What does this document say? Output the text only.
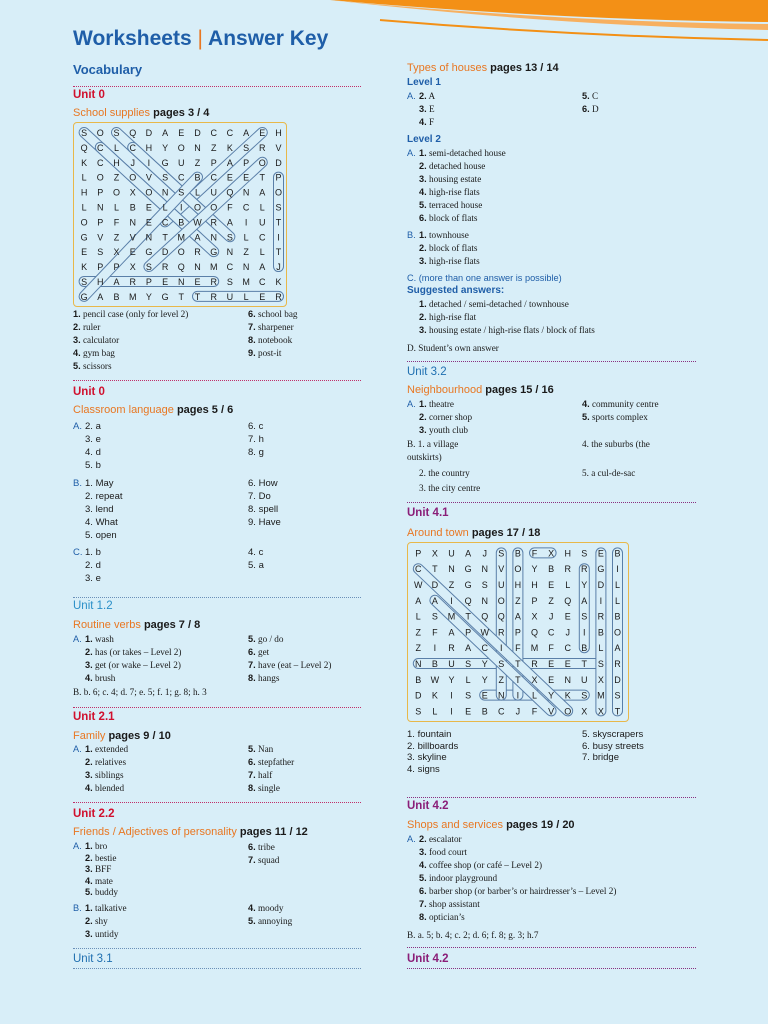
Worksheets | Answer Key
Vocabulary
Unit 0
School supplies pages 3 / 4
S O S Q D A E D C C A E H
Q C L C H Y O N Z K S R V
K C H J I G U Z P A P O D
L O Z O V S C B C E E T P
H P O X O N S L U Q N A O
L N L B E L I O O F C L S
O P F N E C B W R A I U T
G V Z V N T M A N S L C I
E S X E G D O R G N Z L T
K P P X S R Q N M C N A J
S H A R P E N E R S M C K
G A B M Y G T T R U L E R
1. pencil case (only for level 2)
2. ruler
3. calculator
4. gym bag
5. scissors
6. school bag
7. sharpener
8. notebook
9. post-it
Unit 0
Classroom language pages 5 / 6
A. 2. a
3. e
4. d
5. b
6. c
7. h
8. g
B. 1. May
2. repeat
3. lend
4. What
5. open
6. How
7. Do
8. spell
9. Have
C. 1. b
2. d
3. e
4. c
5. a
Unit 1.2
Routine verbs pages 7 / 8
A. 1. wash
2. has (or takes – Level 2)
3. get (or wake – Level 2)
4. brush
5. go / do
6. get
7. have (eat – Level 2)
8. hangs
B. b. 6; c. 4; d. 7; e. 5; f. 1; g. 8; h. 3
Unit 2.1
Family pages 9 / 10
A. 1. extended
2. relatives
3. siblings
4. blended
5. Nan
6. stepfather
7. half
8. single
Unit 2.2
Friends / Adjectives of personality pages 11 / 12
A. 1. bro
2. bestie
3. BFF
4. mate
5. buddy
6. tribe
7. squad
B. 1. talkative
2. shy
3. untidy
4. moody
5. annoying
Unit 3.1
Types of houses pages 13 / 14
Level 1
A. 2. A
3. E
4. F
5. C
6. D
Level 2
A. 1. semi-detached house
2. detached house
3. housing estate
4. high-rise flats
5. terraced house
6. block of flats
B. 1. townhouse
2. block of flats
3. high-rise flats
C. (more than one answer is possible)
Suggested answers:
1. detached / semi-detached / townhouse
2. high-rise flat
3. housing estate / high-rise flats / block of flats
D. Student’s own answer
Unit 3.2
Neighbourhood pages 15 / 16
A. 1. theatre
2. corner shop
3. youth club
4. community centre
5. sports complex
B. 1. a village	4. the suburbs (the
outskirts)
2. the country	5. a cul-de-sac
3. the city centre
Unit 4.1
Around town pages 17 / 18
P X U A J S B F X H S E B
C T N G N V O Y B R R G I
W D Z G S U H H E L Y D L
A A I Q N O Z P Z Q A I L
L S M T Q Q A X J E S R B
Z F A P W R P Q C J I B O
Z I R A C I F M F C B L A
N B U S Y S T R E E T S R
B W Y L Y Z T X E N U X D
D K I S E N I L Y K S M S
S L I E B C J F V O X X T
1. fountain
2. billboards
3. skyline
4. signs
5. skyscrapers
6. busy streets
7. bridge
Unit 4.2
Shops and services pages 19 / 20
A. 2. escalator
3. food court
4. coffee shop (or café – Level 2)
5. indoor playground
6. barber shop (or barber’s or hairdresser’s – Level 2)
7. shop assistant
8. optician’s
B. a. 5; b. 4; c. 2; d. 6; f. 8; g. 3; h.7
Unit 4.2
